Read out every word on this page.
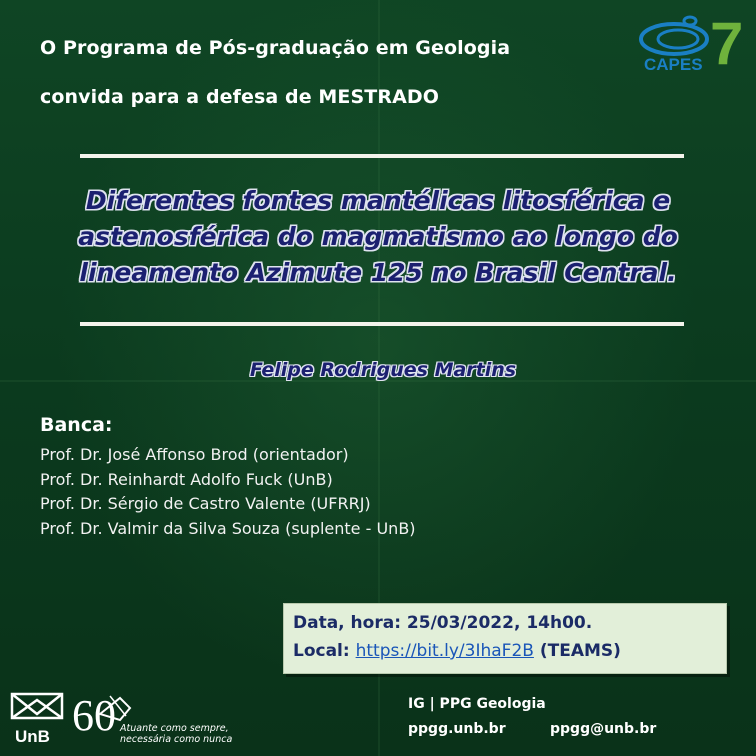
O Programa de Pós-graduação em Geologia
convida para a defesa de MESTRADO
CAPES 7
Diferentes fontes mantélicas litosférica e
astenosférica do magmatismo ao longo do
lineamento Azimute 125 no Brasil Central.
Felipe Rodrigues Martins
Banca:
Prof. Dr. José Affonso Brod (orientador)
Prof. Dr. Reinhardt Adolfo Fuck (UnB)
Prof. Dr. Sérgio de Castro Valente (UFRRJ)
Prof. Dr. Valmir da Silva Souza (suplente - UnB)
Data, hora: 25/03/2022, 14h00.
Local: https://bit.ly/3IhaF2B (TEAMS)
UnB 60 Atuante como sempre,
necessária como nunca
IG | PPG Geologia
ppgg.unb.br	ppgg@unb.br
